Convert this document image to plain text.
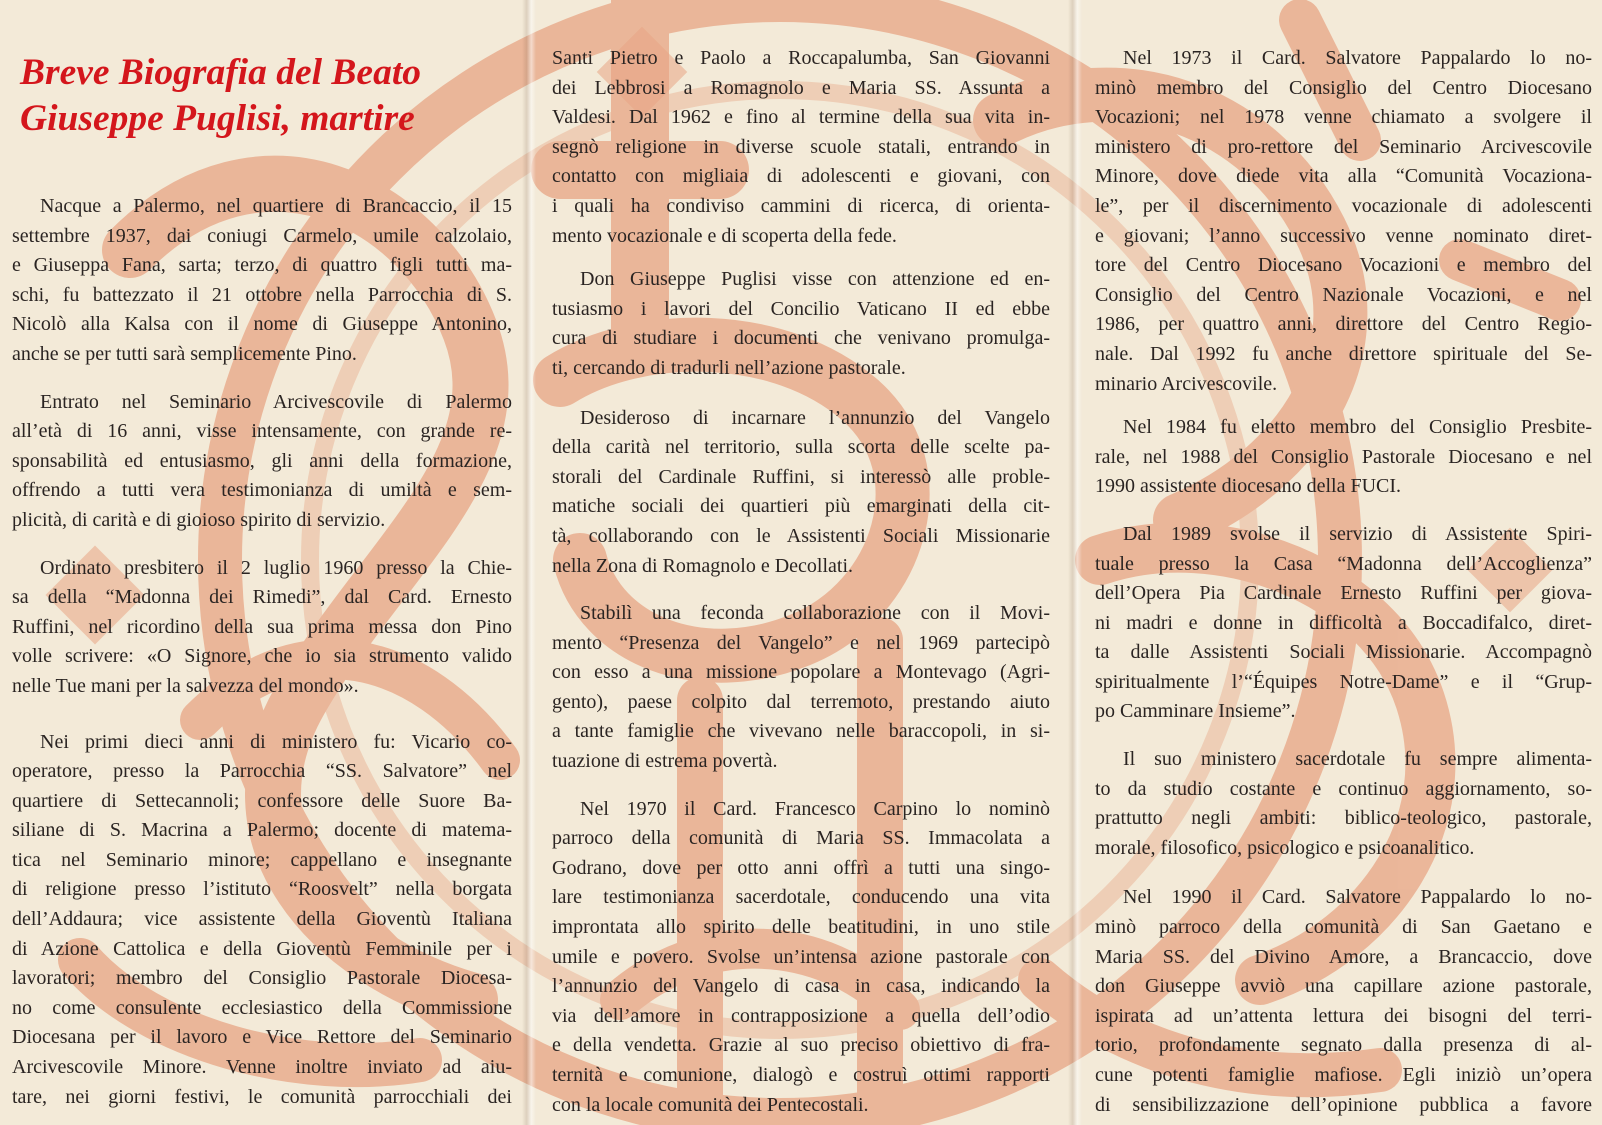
Breve Biografia del Beato
Giuseppe Puglisi, martire
Nacque a Palermo, nel quartiere di Brancaccio, il 15
settembre 1937, dai coniugi Carmelo, umile calzolaio,
e Giuseppa Fana, sarta; terzo, di quattro figli tutti ma-
schi, fu battezzato il 21 ottobre nella Parrocchia di S.
Nicolò alla Kalsa con il nome di Giuseppe Antonino,
anche se per tutti sarà semplicemente Pino.
Entrato nel Seminario Arcivescovile di Palermo
all’età di 16 anni, visse intensamente, con grande re-
sponsabilità ed entusiasmo, gli anni della formazione,
offrendo a tutti vera testimonianza di umiltà e sem-
plicità, di carità e di gioioso spirito di servizio.
Ordinato presbitero il 2 luglio 1960 presso la Chie-
sa della “Madonna dei Rimedi”, dal Card. Ernesto
Ruffini, nel ricordino della sua prima messa don Pino
volle scrivere: «O Signore, che io sia strumento valido
nelle Tue mani per la salvezza del mondo».
Nei primi dieci anni di ministero fu: Vicario co-
operatore, presso la Parrocchia “SS. Salvatore” nel
quartiere di Settecannoli; confessore delle Suore Ba-
siliane di S. Macrina a Palermo; docente di matema-
tica nel Seminario minore; cappellano e insegnante
di religione presso l’istituto “Roosvelt” nella borgata
dell’Addaura; vice assistente della Gioventù Italiana
di Azione Cattolica e della Gioventù Femminile per i
lavoratori; membro del Consiglio Pastorale Diocesa-
no come consulente ecclesiastico della Commissione
Diocesana per il lavoro e Vice Rettore del Seminario
Arcivescovile Minore. Venne inoltre inviato ad aiu-
tare, nei giorni festivi, le comunità parrocchiali dei
Santi Pietro e Paolo a Roccapalumba, San Giovanni
dei Lebbrosi a Romagnolo e Maria SS. Assunta a
Valdesi. Dal 1962 e fino al termine della sua vita in-
segnò religione in diverse scuole statali, entrando in
contatto con migliaia di adolescenti e giovani, con
i quali ha condiviso cammini di ricerca, di orienta-
mento vocazionale e di scoperta della fede.
Don Giuseppe Puglisi visse con attenzione ed en-
tusiasmo i lavori del Concilio Vaticano II ed ebbe
cura di studiare i documenti che venivano promulga-
ti, cercando di tradurli nell’azione pastorale.
Desideroso di incarnare l’annunzio del Vangelo
della carità nel territorio, sulla scorta delle scelte pa-
storali del Cardinale Ruffini, si interessò alle proble-
matiche sociali dei quartieri più emarginati della cit-
tà, collaborando con le Assistenti Sociali Missionarie
nella Zona di Romagnolo e Decollati.
Stabilì una feconda collaborazione con il Movi-
mento “Presenza del Vangelo” e nel 1969 partecipò
con esso a una missione popolare a Montevago (Agri-
gento), paese colpito dal terremoto, prestando aiuto
a tante famiglie che vivevano nelle baraccopoli, in si-
tuazione di estrema povertà.
Nel 1970 il Card. Francesco Carpino lo nominò
parroco della comunità di Maria SS. Immacolata a
Godrano, dove per otto anni offrì a tutti una singo-
lare testimonianza sacerdotale, conducendo una vita
improntata allo spirito delle beatitudini, in uno stile
umile e povero. Svolse un’intensa azione pastorale con
l’annunzio del Vangelo di casa in casa, indicando la
via dell’amore in contrapposizione a quella dell’odio
e della vendetta. Grazie al suo preciso obiettivo di fra-
ternità e comunione, dialogò e costruì ottimi rapporti
con la locale comunità dei Pentecostali.
Nel 1973 il Card. Salvatore Pappalardo lo no-
minò membro del Consiglio del Centro Diocesano
Vocazioni; nel 1978 venne chiamato a svolgere il
ministero di pro-rettore del Seminario Arcivescovile
Minore, dove diede vita alla “Comunità Vocaziona-
le”, per il discernimento vocazionale di adolescenti
e giovani; l’anno successivo venne nominato diret-
tore del Centro Diocesano Vocazioni e membro del
Consiglio del Centro Nazionale Vocazioni, e nel
1986, per quattro anni, direttore del Centro Regio-
nale. Dal 1992 fu anche direttore spirituale del Se-
minario Arcivescovile.
Nel 1984 fu eletto membro del Consiglio Presbite-
rale, nel 1988 del Consiglio Pastorale Diocesano e nel
1990 assistente diocesano della FUCI.
Dal 1989 svolse il servizio di Assistente Spiri-
tuale presso la Casa “Madonna dell’Accoglienza”
dell’Opera Pia Cardinale Ernesto Ruffini per giova-
ni madri e donne in difficoltà a Boccadifalco, diret-
ta dalle Assistenti Sociali Missionarie. Accompagnò
spiritualmente l’“Équipes Notre-Dame” e il “Grup-
po Camminare Insieme”.
Il suo ministero sacerdotale fu sempre alimenta-
to da studio costante e continuo aggiornamento, so-
prattutto negli ambiti: biblico-teologico, pastorale,
morale, filosofico, psicologico e psicoanalitico.
Nel 1990 il Card. Salvatore Pappalardo lo no-
minò parroco della comunità di San Gaetano e
Maria SS. del Divino Amore, a Brancaccio, dove
don Giuseppe avviò una capillare azione pastorale,
ispirata ad un’attenta lettura dei bisogni del terri-
torio, profondamente segnato dalla presenza di al-
cune potenti famiglie mafiose. Egli iniziò un’opera
di sensibilizzazione dell’opinione pubblica a favore
